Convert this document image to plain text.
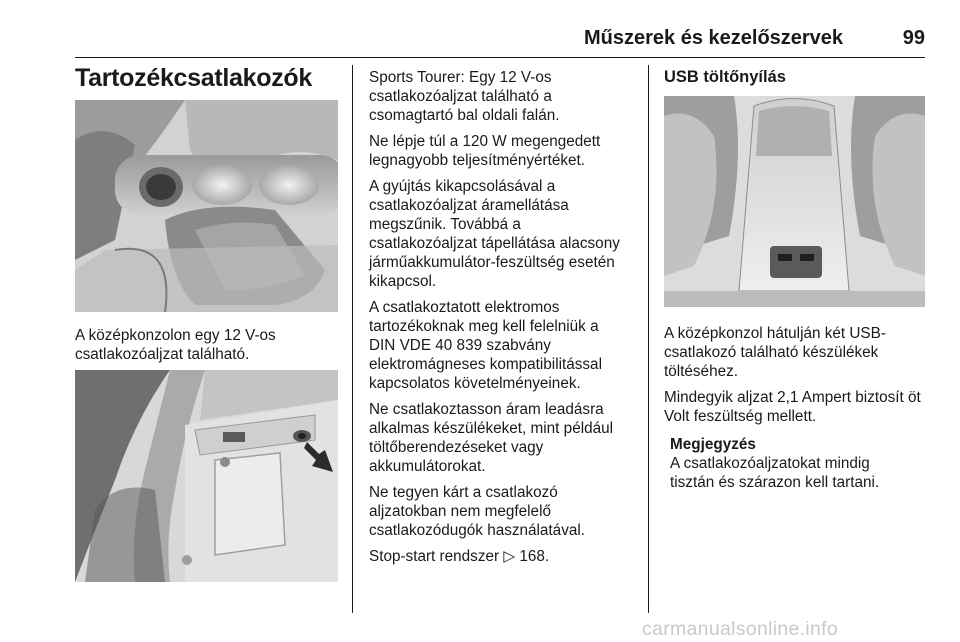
Műszerek és kezelőszervek	99
Tartozékcsatlakozók
A középkonzolon egy 12 V-os
csatlakozóaljzat található.

Sports Tourer: Egy 12 V-os
csatlakozóaljzat található a
csomagtartó bal oldali falán.

Ne lépje túl a 120 W megengedett
legnagyobb teljesítményértéket.

A gyújtás kikapcsolásával a
csatlakozóaljzat áramellátása
megszűnik. Továbbá a
csatlakozóaljzat tápellátása alacsony
járműakkumulátor-feszültség esetén
kikapcsol.

A csatlakoztatott elektromos
tartozékoknak meg kell felelniük a
DIN VDE 40 839 szabvány
elektromágneses kompatibilitással
kapcsolatos követelményeinek.

Ne csatlakoztasson áram leadásra
alkalmas készülékeket, mint például
töltőberendezéseket vagy
akkumulátorokat.

Ne tegyen kárt a csatlakozó
aljzatokban nem megfelelő
csatlakozódugók használatával.

Stop-start rendszer ▷ 168.

USB töltőnyílás

A középkonzol hátulján két USB-
csatlakozó található készülékek
töltéséhez.

Mindegyik aljzat 2,1 Ampert biztosít öt
Volt feszültség mellett.

Megjegyzés
A csatlakozóaljzatokat mindig
tisztán és szárazon kell tartani.
carmanualsonline.info
